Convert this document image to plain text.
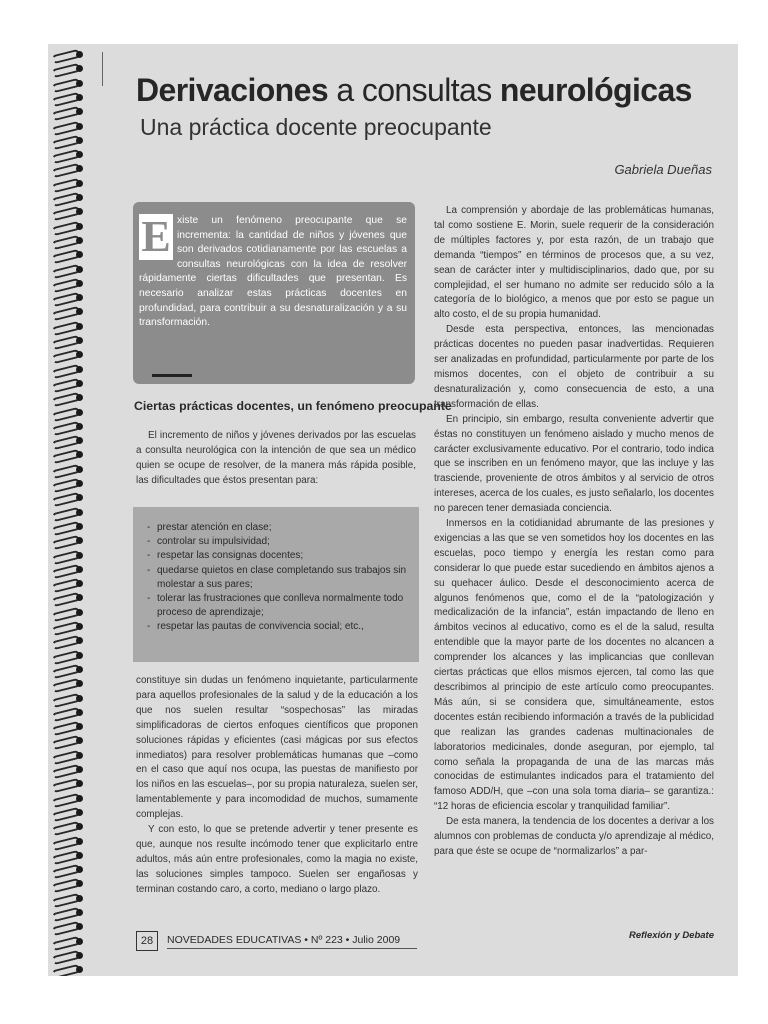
Derivaciones a consultas neurológicas
Una práctica docente preocupante
Gabriela Dueñas
E xiste un fenómeno preocupante que se incrementa: la cantidad de niños y jóvenes que son derivados cotidianamente por las escuelas a consultas neurológicas con la idea de resolver rápidamente ciertas dificultades que presentan. Es necesario analizar estas prácticas docentes en profundidad, para contribuir a su desnaturalización y a su transformación.
Ciertas prácticas docentes, un fenómeno preocupante

El incremento de niños y jóvenes derivados por las escuelas a consulta neurológica con la intención de que sea un médico quien se ocupe de resolver, de la manera más rápida posible, las dificultades que éstos presentan para:

- prestar atención en clase;
- controlar su impulsividad;
- respetar las consignas docentes;
- quedarse quietos en clase completando sus trabajos sin molestar a sus pares;
- tolerar las frustraciones que conlleva normalmente todo proceso de aprendizaje;
- respetar las pautas de convivencia social; etc.,

constituye sin dudas un fenómeno inquietante, particularmente para aquellos profesionales de la salud y de la educación a los que nos suelen resultar “sospechosas” las miradas simplificadoras de ciertos enfoques científicos que proponen soluciones rápidas y eficientes (casi mágicas por sus efectos inmediatos) para resolver problemáticas humanas que –como en el caso que aquí nos ocupa, las puestas de manifiesto por los niños en las escuelas–, por su propia naturaleza, suelen ser, lamentablemente y para incomodidad de muchos, sumamente complejas.

Y con esto, lo que se pretende advertir y tener presente es que, aunque nos resulte incómodo tener que explicitarlo entre adultos, más aún entre profesionales, como la magia no existe, las soluciones simples tampoco. Suelen ser engañosas y terminan costando caro, a corto, mediano o largo plazo.

La comprensión y abordaje de las problemáticas humanas, tal como sostiene E. Morin, suele requerir de la consideración de múltiples factores y, por esta razón, de un trabajo que demanda “tiempos” en términos de procesos que, a su vez, sean de carácter inter y multidisciplinarios, dado que, por su complejidad, el ser humano no admite ser reducido sólo a la categoría de lo biológico, a menos que por esto se pague un alto costo, el de su propia humanidad.

Desde esta perspectiva, entonces, las mencionadas prácticas docentes no pueden pasar inadvertidas. Requieren ser analizadas en profundidad, particularmente por parte de los mismos docentes, con el objeto de contribuir a su desnaturalización y, como consecuencia de esto, a una transformación de ellas.

En principio, sin embargo, resulta conveniente advertir que éstas no constituyen un fenómeno aislado y mucho menos de carácter exclusivamente educativo. Por el contrario, todo indica que se inscriben en un fenómeno mayor, que las incluye y las trasciende, proveniente de otros ámbitos y al servicio de otros intereses, acerca de los cuales, es justo señalarlo, los docentes no parecen tener demasiada conciencia.

Inmersos en la cotidianidad abrumante de las presiones y exigencias a las que se ven sometidos hoy los docentes en las escuelas, poco tiempo y energía les restan como para considerar lo que puede estar sucediendo en ámbitos ajenos a su quehacer áulico. Desde el desconocimiento acerca de algunos fenómenos que, como el de la “patologización y medicalización de la infancia”, están impactando de lleno en ámbitos vecinos al educativo, como es el de la salud, resulta entendible que la mayor parte de los docentes no alcancen a comprender los alcances y las implicancias que conllevan ciertas prácticas que ellos mismos ejercen, tal como las que describimos al principio de este artículo como preocupantes. Más aún, si se considera que, simultáneamente, estos docentes están recibiendo información a través de la publicidad que realizan las grandes cadenas multinacionales de laboratorios medicinales, donde aseguran, por ejemplo, tal como señala la propaganda de una de las marcas más conocidas de estimulantes indicados para el tratamiento del famoso ADD/H, que –con una sola toma diaria– se garantiza.: “12 horas de eficiencia escolar y tranquilidad familiar”.

De esta manera, la tendencia de los docentes a derivar a los alumnos con problemas de conducta y/o aprendizaje al médico, para que éste se ocupe de “normalizarlos” a par-

28	NOVEDADES EDUCATIVAS • Nº 223 • Julio 2009	Reflexión y Debate
